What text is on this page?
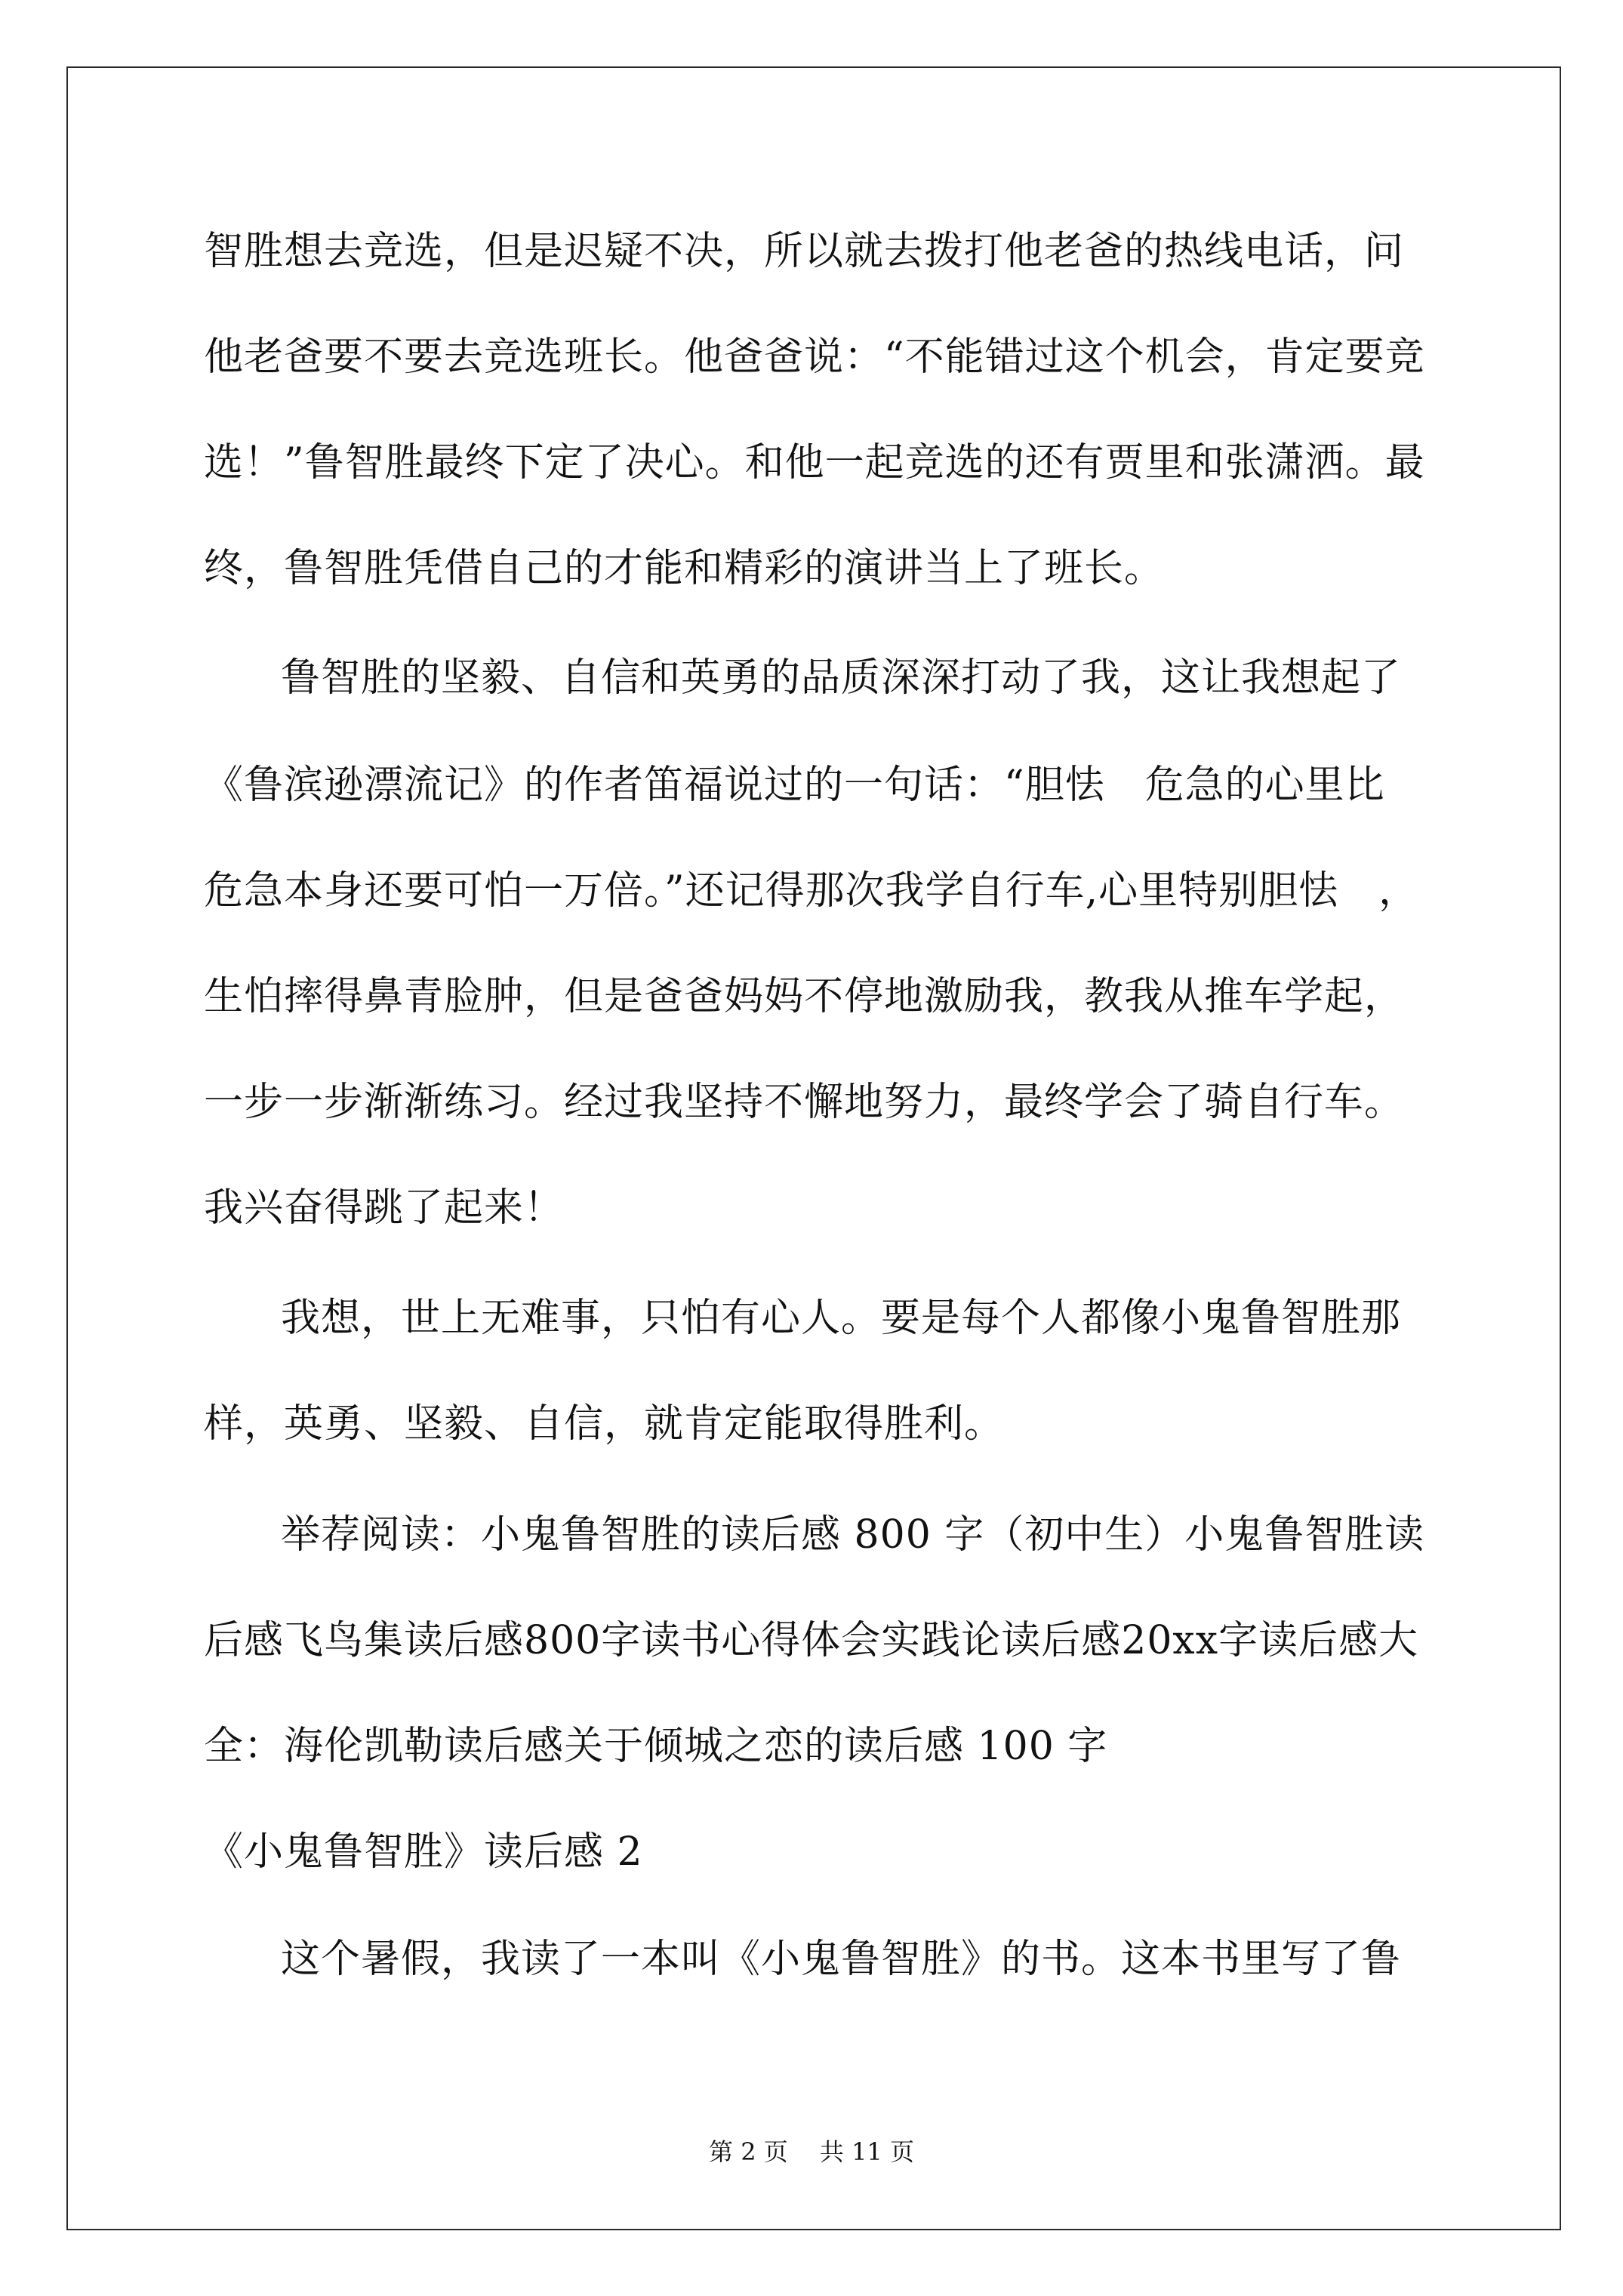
智胜想去竞选，但是迟疑不决，所以就去拨打他老爸的热线电话，问
他老爸要不要去竞选班长。他爸爸说：“不能错过这个机会，肯定要竞
选！”鲁智胜最终下定了决心。和他一起竞选的还有贾里和张潇洒。最
终，鲁智胜凭借自己的才能和精彩的演讲当上了班长。
鲁智胜的坚毅、自信和英勇的品质深深打动了我，这让我想起了
《鲁滨逊漂流记》的作者笛福说过的一句话：“胆怯　危急的心里比
危急本身还要可怕一万倍。”还记得那次我学自行车,心里特别胆怯　，
生怕摔得鼻青脸肿，但是爸爸妈妈不停地激励我，教我从推车学起，
一步一步渐渐练习。经过我坚持不懈地努力，最终学会了骑自行车。
我兴奋得跳了起来！
我想，世上无难事，只怕有心人。要是每个人都像小鬼鲁智胜那
样，英勇、坚毅、自信，就肯定能取得胜利。
举荐阅读：小鬼鲁智胜的读后感 800 字（初中生）小鬼鲁智胜读
后感飞鸟集读后感800字读书心得体会实践论读后感20xx字读后感大
全：海伦凯勒读后感关于倾城之恋的读后感 100 字
《小鬼鲁智胜》读后感 2
这个暑假，我读了一本叫《小鬼鲁智胜》的书。这本书里写了鲁
第 2 页　 共 11 页
